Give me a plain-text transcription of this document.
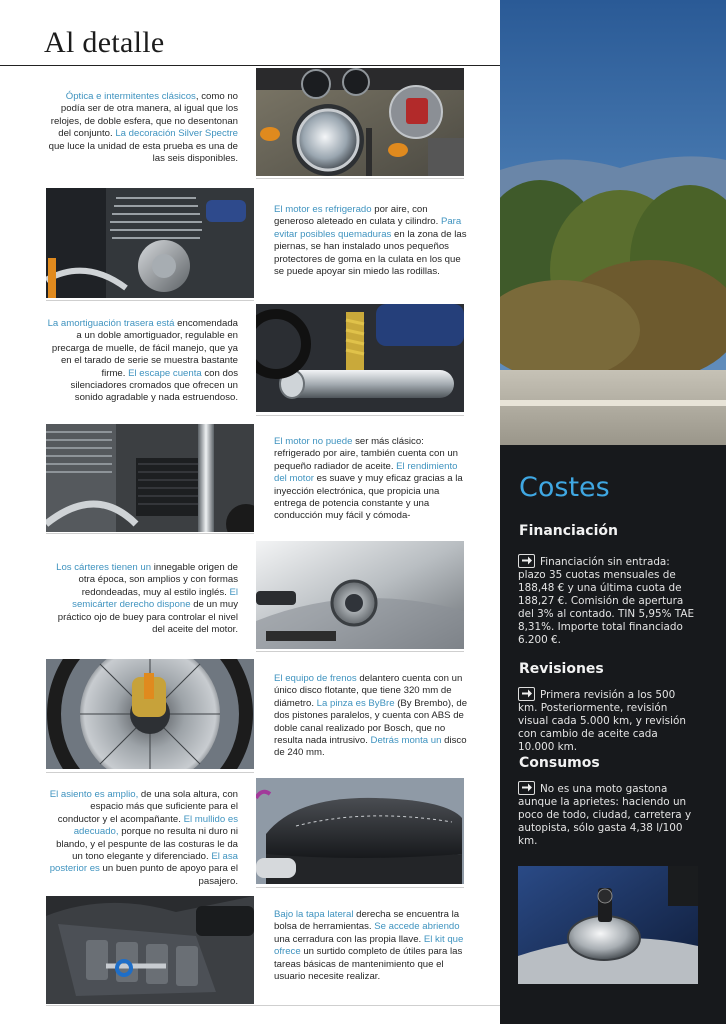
Al detalle
Óptica e intermitentes clásicos, como no podía ser de otra manera, al igual que los relojes, de doble esfera, que no desentonan del conjunto. La decoración Silver Spectre que luce la unidad de esta prueba es una de las seis disponibles.
El motor es refrigerado por aire, con generoso aleteado en culata y cilindro. Para evitar posibles quemaduras en la zona de las piernas, se han instalado unos pequeños protectores de goma en la culata en los que se puede apoyar sin miedo las rodillas.
La amortiguación trasera está encomendada a un doble amortiguador, regulable en precarga de muelle, de fácil manejo, que ya en el tarado de serie se muestra bastante firme. El escape cuenta con dos silenciadores cromados que ofrecen un sonido agradable y nada estruendoso.
El motor no puede ser más clásico: refrigerado por aire, también cuenta con un pequeño radiador de aceite. El rendimiento del motor es suave y muy eficaz gracias a la inyección electrónica, que propicia una entrega de potencia constante y una conducción muy fácil y cómoda-
Los cárteres tienen un innegable origen de otra época, son amplios y con formas redondeadas, muy al estilo inglés. El semicárter derecho dispone de un muy práctico ojo de buey para controlar el nivel del aceite del motor.
El equipo de frenos delantero cuenta con un único disco flotante, que tiene 320 mm de diámetro. La pinza es ByBre (By Brembo), de dos pistones paralelos, y cuenta con ABS de doble canal realizado por Bosch, que no resulta nada intrusivo. Detrás monta un disco de 240 mm.
El asiento es amplio, de una sola altura, con espacio más que suficiente para el conductor y el acompañante. El mullido es adecuado, porque no resulta ni duro ni blando, y el pespunte de las costuras le da un tono elegante y diferenciado. El asa posterior es un buen punto de apoyo para el pasajero.
Bajo la tapa lateral derecha se encuentra la bolsa de herramientas. Se accede abriendo una cerradura con las propia llave. El kit que ofrece un surtido completo de útiles para las tareas básicas de mantenimiento que el usuario necesite realizar.
Costes
Financiación
Financiación sin entrada: plazo 35 cuotas mensuales de 188,48 € y una última cuota de 188,27 €. Comisión de apertura del 3% al contado. TIN 5,95% TAE 8,31%. Importe total financiado 6.200 €.
Revisiones
Primera revisión a los 500 km. Posteriormente, revisión visual cada 5.000 km, y revisión con cambio de aceite cada 10.000 km.
Consumos
No es una moto gastona aunque la aprietes: haciendo un poco de todo, ciudad, carretera y autopista, sólo gasta 4,38 l/100 km.
